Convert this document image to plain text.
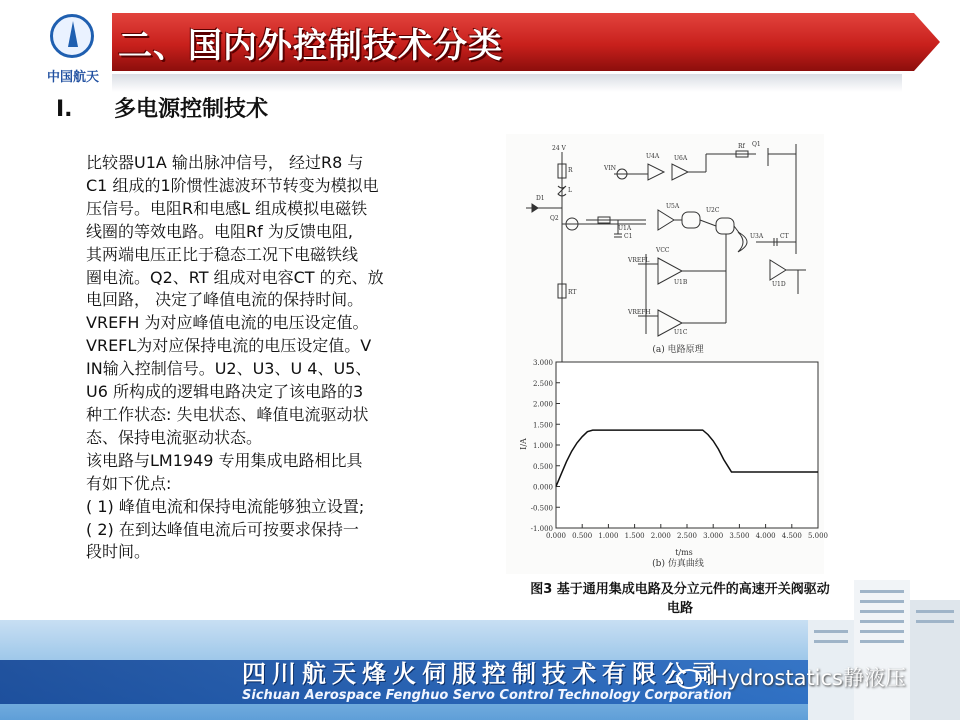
中国航天
二、国内外控制技术分类
I. 多电源控制技术

比较器U1A 输出脉冲信号， 经过R8 与

C1 组成的1阶惯性滤波环节转变为模拟电

压信号。电阻R和电感L 组成模拟电磁铁

线圈的等效电路。电阻Rf 为反馈电阻,

其两端电压正比于稳态工况下电磁铁线

圈电流。Q2、RT 组成对电容CT 的充、放

电回路， 决定了峰值电流的保持时间。

VREFH 为对应峰值电流的电压设定值。

VREFL为对应保持电流的电压设定值。V

IN输入控制信号。U2、U3、U 4、U5、

U6 所构成的逻辑电路决定了该电路的3

种工作状态: 失电状态、峰值电流驱动状

态、保持电流驱动状态。

该电路与LM1949 专用集成电路相比具

有如下优点:

( 1) 峰值电流和保持电流能够独立设置;

( 2) 在到达峰值电流后可按要求保持一

段时间。

24 V
U4A U6A
U5A
U2C
U3A
U1A
U1B
U1C
U1D
VCC
VREFL
VREFH
VIN
R
L
Q1
Q2
D1
C1	CT
RT
Rf
(a) 电路原理
3.000
2.500
2.000
1.500
1.000
0.500
0.000
-0.500
-1.000
0.000 0.500 1.000 1.500 2.000 2.500 3.000 3.500 4.000 4.500 5.000
I/A
t/ms
(b) 仿真曲线
图3 基于通用集成电路及分立元件的高速开关阀驱动电路
四川航天烽火伺服控制技术有限公司
Sichuan Aerospace Fenghuo Servo Control Technology Corporation
iHydrostatics静液压
